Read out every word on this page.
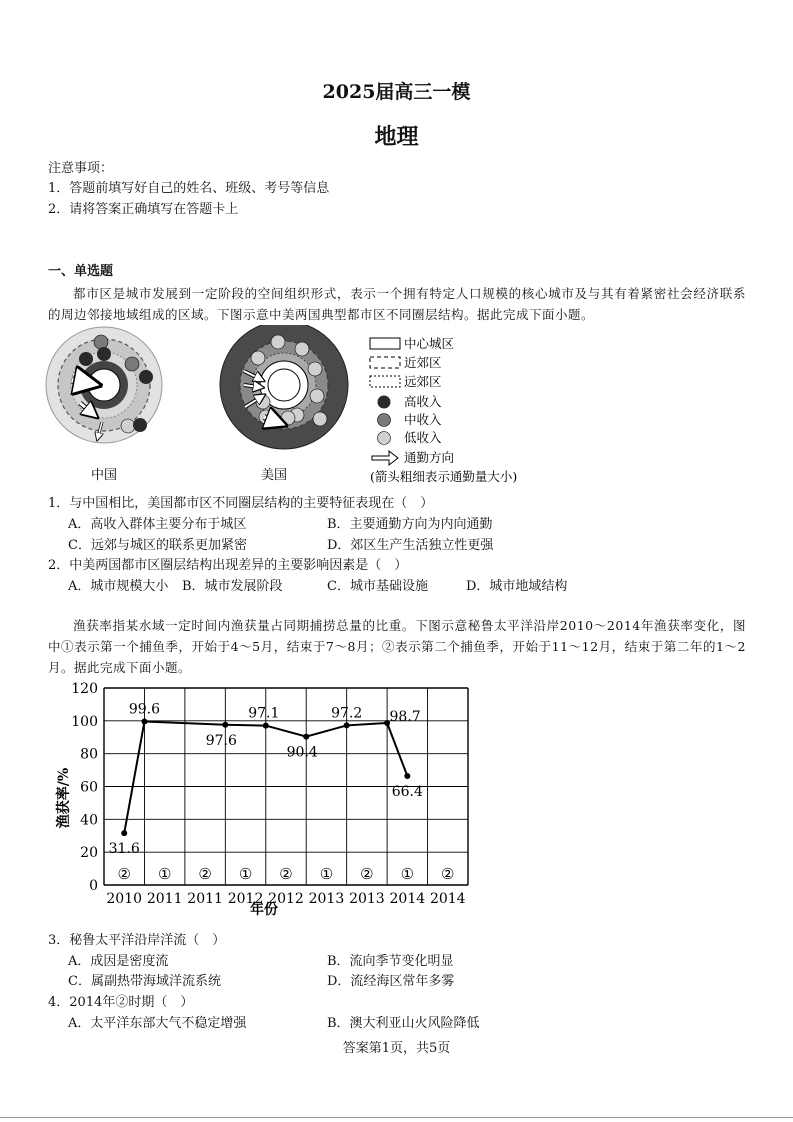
2025届高三一模
地理
注意事项：
1．答题前填写好自己的姓名、班级、考号等信息
2．请将答案正确填写在答题卡上
一、单选题
都市区是城市发展到一定阶段的空间组织形式，表示一个拥有特定人口规模的核心城市及与其有着紧密社会经济联系的周边邻接地域组成的区域。下图示意中美两国典型都市区不同圈层结构。据此完成下面小题。
中国	美国
中心城区
近郊区
远郊区
高收入
中收入
低收入
通勤方向
(箭头粗细表示通勤量大小)
1．与中国相比，美国都市区不同圈层结构的主要特征表现在（　）
A．高收入群体主要分布于城区	B．主要通勤方向为内向通勤
C．远郊与城区的联系更加紧密	D．郊区生产生活独立性更强
2．中美两国都市区圈层结构出现差异的主要影响因素是（　）
A．城市规模大小 B．城市发展阶段	C．城市基础设施	D．城市地域结构
渔获率指某水域一定时间内渔获量占同期捕捞总量的比重。下图示意秘鲁太平洋沿岸2010～2014年渔获率变化，图中①表示第一个捕鱼季，开始于4～5月，结束于7～8月；②表示第二个捕鱼季，开始于11～12月，结束于第二年的1～2月。据此完成下面小题。
0
20
40
60
80
100
120
2010
②
2011
①
2011
②
2012
①
2012
②
2013
①
2013
②
2014
①
2014
②
31.6
99.6
97.6
97.1
90.4
97.2 98.7
66.4
渔获率/%
年份
3．秘鲁太平洋沿岸洋流（　）
A．成因是密度流	B．流向季节变化明显
C．属副热带海域洋流系统	D．流经海区常年多雾
4．2014年②时期（　）
A．太平洋东部大气不稳定增强	B．澳大利亚山火风险降低
答案第1页，共5页
